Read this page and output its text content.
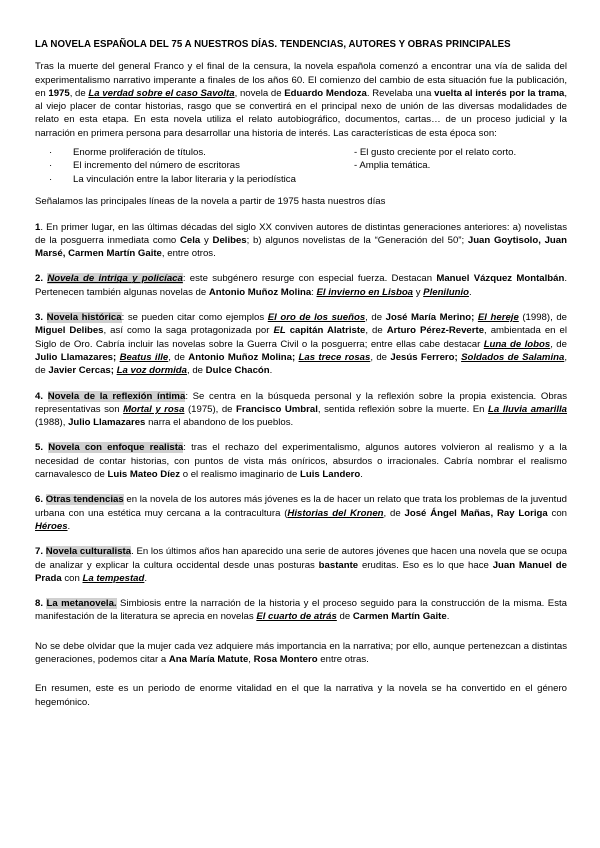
LA NOVELA ESPAÑOLA DEL 75 A NUESTROS DÍAS. TENDENCIAS, AUTORES Y OBRAS PRINCIPALES

Tras la muerte del general Franco y el final de la censura, la novela española comenzó a encontrar una vía de salida del experimentalismo narrativo imperante a finales de los años 60. El comienzo del cambio de esta situación fue la publicación, en 1975, de La verdad sobre el caso Savolta, novela de Eduardo Mendoza. Revelaba una vuelta al interés por la trama, al viejo placer de contar historias, rasgo que se convertirá en el principal nexo de unión de las diversas modalidades de relato en esta etapa. En esta novela utiliza el relato autobiográfico, documentos, cartas… de un proceso judicial y la narración en primera persona para desarrollar una historia de interés. Las características de esta época son:

·	Enorme proliferación de títulos.
·	El incremento del número de escritoras
·	La vinculación entre la labor literaria y la periodística
- El gusto creciente por el relato corto.
- Amplia temática.

Señalamos las principales líneas de la novela a partir de 1975 hasta nuestros días

1. En primer lugar, en las últimas décadas del siglo XX conviven autores de distintas generaciones anteriores: a) novelistas de la posguerra inmediata como Cela y Delibes; b) algunos novelistas de la “Generación del 50”; Juan Goytisolo, Juan Marsé, Carmen Martín Gaite, entre otros.

2. Novela de intriga y policíaca: este subgénero resurge con especial fuerza. Destacan Manuel Vázquez Montalbán. Pertenecen también algunas novelas de Antonio Muñoz Molina: El invierno en Lisboa y Plenilunio.

3. Novela histórica: se pueden citar como ejemplos El oro de los sueños, de José María Merino; El hereje (1998), de Miguel Delibes, así como la saga protagonizada por EL capitán Alatriste, de Arturo Pérez-Reverte, ambientada en el Siglo de Oro. Cabría incluir las novelas sobre la Guerra Civil o la posguerra; entre ellas cabe destacar Luna de lobos, de Julio Llamazares; Beatus ille, de Antonio Muñoz Molina; Las trece rosas, de Jesús Ferrero; Soldados de Salamina, de Javier Cercas; La voz dormida, de Dulce Chacón.

4. Novela de la reflexión íntima: Se centra en la búsqueda personal y la reflexión sobre la propia existencia. Obras representativas son Mortal y rosa (1975), de Francisco Umbral, sentida reflexión sobre la muerte. En La lluvia amarilla (1988), Julio Llamazares narra el abandono de los pueblos.

5. Novela con enfoque realista: tras el rechazo del experimentalismo, algunos autores volvieron al realismo y a la necesidad de contar historias, con puntos de vista más oníricos, absurdos o irracionales. Cabría nombrar el realismo carnavalesco de Luis Mateo Díez o el realismo imaginario de Luis Landero.

6. Otras tendencias en la novela de los autores más jóvenes es la de hacer un relato que trata los problemas de la juventud urbana con una estética muy cercana a la contracultura (Historias del Kronen, de José Ángel Mañas, Ray Loriga con Héroes.

7. Novela culturalista. En los últimos años han aparecido una serie de autores jóvenes que hacen una novela que se ocupa de analizar y explicar la cultura occidental desde unas posturas bastante eruditas. Eso es lo que hace Juan Manuel de Prada con La tempestad.

8. La metanovela. Simbiosis entre la narración de la historia y el proceso seguido para la construcción de la misma. Esta manifestación de la literatura se aprecia en novelas El cuarto de atrás de Carmen Martín Gaite.

No se debe olvidar que la mujer cada vez adquiere más importancia en la narrativa; por ello, aunque pertenezcan a distintas generaciones, podemos citar a Ana María Matute, Rosa Montero entre otras.

En resumen, este es un periodo de enorme vitalidad en el que la narrativa y la novela se ha convertido en el género hegemónico.
